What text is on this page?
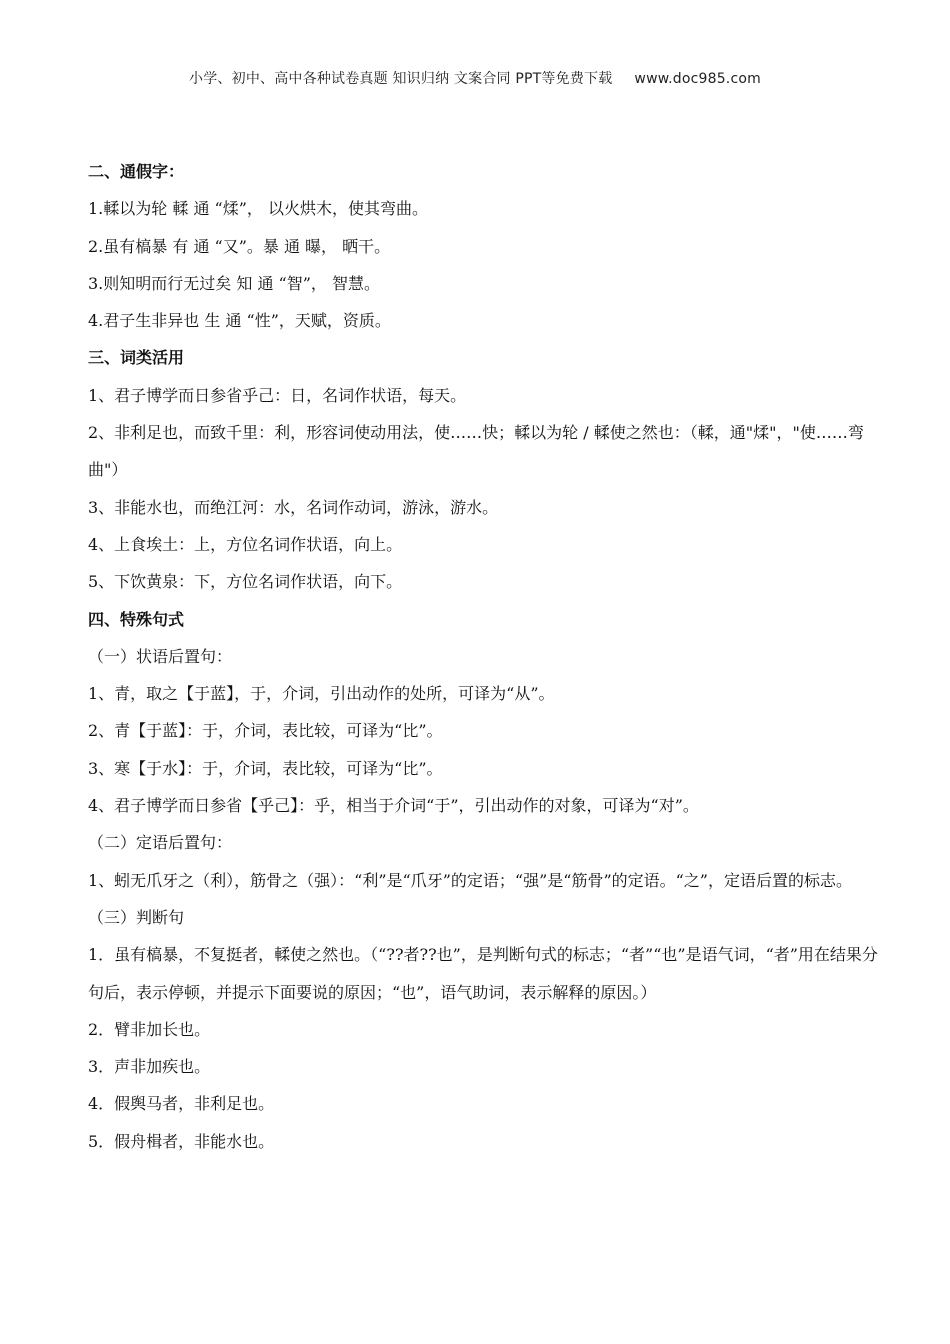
小学、初中、高中各种试卷真题 知识归纳 文案合同 PPT等免费下载 www.doc985.com
二、通假字：
1.輮以为轮 輮 通 “煣”， 以火烘木，使其弯曲。
2.虽有槁暴 有 通 “又”。暴 通 曝， 晒干。
3.则知明而行无过矣 知 通 “智”， 智慧。
4.君子生非异也 生 通 “性”，天赋，资质。
三、词类活用
1、君子博学而日参省乎己：日，名词作状语，每天。
2、非利足也，而致千里：利，形容词使动用法，使……快；輮以为轮 / 輮使之然也：（輮，通"煣"，"使……弯曲"）
3、非能水也，而绝江河：水，名词作动词，游泳，游水。
4、上食埃土：上，方位名词作状语，向上。
5、下饮黄泉：下，方位名词作状语，向下。
四、特殊句式
（一）状语后置句：
1、青，取之【于蓝】，于，介词，引出动作的处所，可译为“从”。
2、青【于蓝】：于，介词，表比较，可译为“比”。
3、寒【于水】：于，介词，表比较，可译为“比”。
4、君子博学而日参省【乎己】：乎，相当于介词“于”，引出动作的对象，可译为“对”。
（二）定语后置句：
1、蚓无爪牙之（利），筋骨之（强）：“利”是“爪牙”的定语；“强”是“筋骨”的定语。“之”，定语后置的标志。
（三）判断句
1．虽有槁暴，不复挺者，輮使之然也。（“??者??也”，是判断句式的标志；“者”“也”是语气词，“者”用在结果分句后，表示停顿，并提示下面要说的原因；“也”，语气助词，表示解释的原因。）
2．臂非加长也。
3．声非加疾也。
4．假舆马者，非利足也。
5．假舟楫者，非能水也。
